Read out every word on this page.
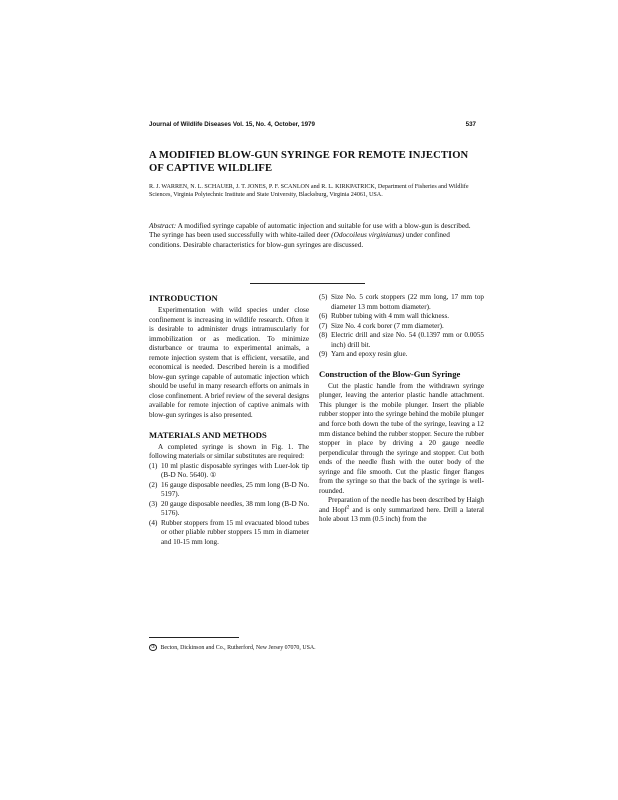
Journal of Wildlife Diseases Vol. 15, No. 4, October, 1979	537
A MODIFIED BLOW-GUN SYRINGE FOR REMOTE INJECTION
OF CAPTIVE WILDLIFE
R. J. WARREN, N. L. SCHAUER, J. T. JONES, P. F. SCANLON and R. L. KIRKPATRICK, Department of Fisheries and Wildlife Sciences, Virginia Polytechnic Institute and State University, Blacksburg, Virginia 24061, USA.
Abstract: A modified syringe capable of automatic injection and suitable for use with a blow-gun is described. The syringe has been used successfully with white-tailed deer (Odocoileus virginianus) under confined conditions. Desirable characteristics for blow-gun syringes are discussed.
INTRODUCTION

Experimentation with wild species under close confinement is increasing in wildlife research. Often it is desirable to administer drugs intramuscularly for immobilization or as medication. To minimize disturbance or trauma to experimental animals, a remote injection system that is efficient, versatile, and economical is needed. Described herein is a modified blow-gun syringe capable of automatic injection which should be useful in many research efforts on animals in close confinement. A brief review of the several designs available for remote injection of captive animals with blow-gun syringes is also presented.

MATERIALS AND METHODS

A completed syringe is shown in Fig. 1. The following materials or similar substitutes are required:

(1) 10 ml plastic disposable syringes with Luer-lok tip (B-D No. 5640). ①
(2) 16 gauge disposable needles, 25 mm long (B-D No. 5197).
(3) 20 gauge disposable needles, 38 mm long (B-D No. 5176).
(4) Rubber stoppers from 15 ml evacuated blood tubes or other pliable rubber stoppers 15 mm in diameter and 10-15 mm long.
(5) Size No. 5 cork stoppers (22 mm long, 17 mm top diameter 13 mm bottom diameter).
(6) Rubber tubing with 4 mm wall thickness.
(7) Size No. 4 cork borer (7 mm diameter).
(8) Electric drill and size No. 54 (0.1397 mm or 0.0055 inch) drill bit.
(9) Yarn and epoxy resin glue.
Construction of the Blow-Gun Syringe

Cut the plastic handle from the withdrawn syringe plunger, leaving the anterior plastic handle attachment. This plunger is the mobile plunger. Insert the pliable rubber stopper into the syringe behind the mobile plunger and force both down the tube of the syringe, leaving a 12 mm distance behind the rubber stopper. Secure the rubber stopper in place by driving a 20 gauge needle perpendicular through the syringe and stopper. Cut both ends of the needle flush with the outer body of the syringe and file smooth. Cut the plastic finger flanges from the syringe so that the back of the syringe is well-rounded.

Preparation of the needle has been described by Haigh and Hopf$^2$ and is only summarized here. Drill a lateral hole about 13 mm (0.5 inch) from the

① Becton, Dickinson and Co., Rutherford, New Jersey 07070, USA.
